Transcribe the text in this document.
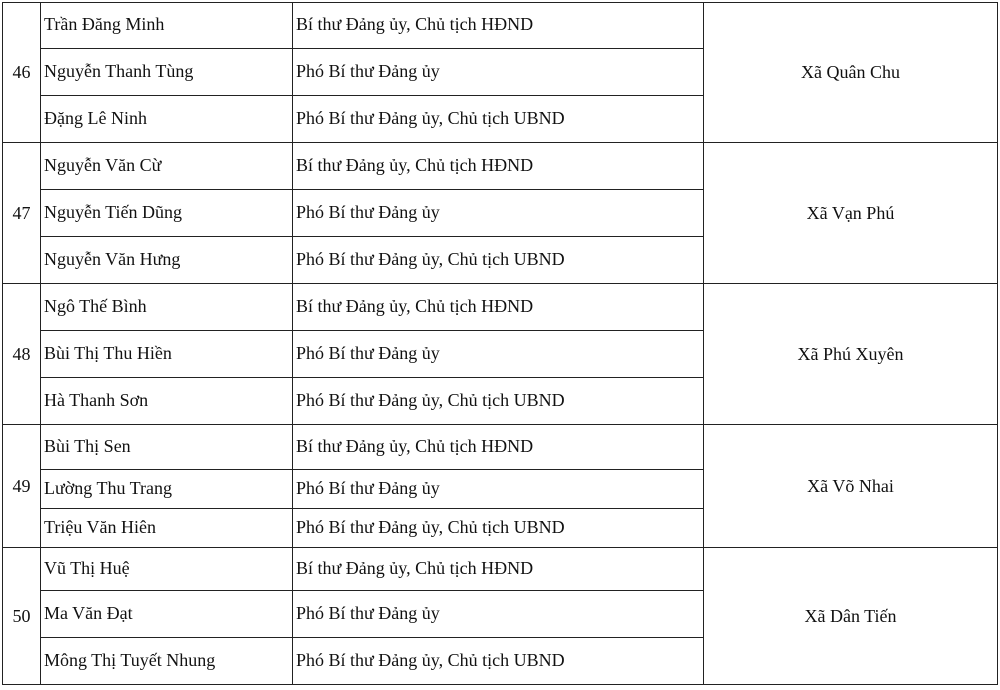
46	Trần Đăng Minh	Bí thư Đảng ủy, Chủ tịch HĐND	Xã Quân Chu
	Nguyễn Thanh Tùng	Phó Bí thư Đảng ủy	
	Đặng Lê Ninh	Phó Bí thư Đảng ủy, Chủ tịch UBND	
47	Nguyễn Văn Cừ	Bí thư Đảng ủy, Chủ tịch HĐND	Xã Vạn Phú
	Nguyễn Tiến Dũng	Phó Bí thư Đảng ủy	
	Nguyễn Văn Hưng	Phó Bí thư Đảng ủy, Chủ tịch UBND	
48	Ngô Thế Bình	Bí thư Đảng ủy, Chủ tịch HĐND	Xã Phú Xuyên
	Bùi Thị Thu Hiền	Phó Bí thư Đảng ủy	
	Hà Thanh Sơn	Phó Bí thư Đảng ủy, Chủ tịch UBND	
49	Bùi Thị Sen	Bí thư Đảng ủy, Chủ tịch HĐND	Xã Võ Nhai
	Lường Thu Trang	Phó Bí thư Đảng ủy	
	Triệu Văn Hiên	Phó Bí thư Đảng ủy, Chủ tịch UBND	
50	Vũ Thị Huệ	Bí thư Đảng ủy, Chủ tịch HĐND	Xã Dân Tiến
	Ma Văn Đạt	Phó Bí thư Đảng ủy	
	Mông Thị Tuyết Nhung	Phó Bí thư Đảng ủy, Chủ tịch UBND	
